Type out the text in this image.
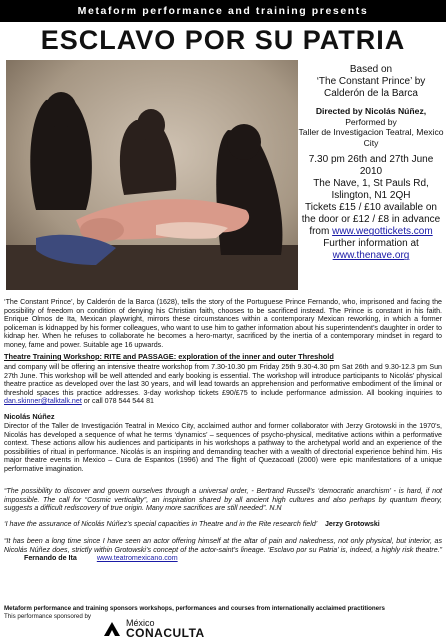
Metaform performance and training presents
ESCLAVO POR SU PATRIA

Based on
‘The Constant Prince’ by Calderón de la Barca

Directed by Nicolás Núñez,
Performed by
Taller de Investigacion Teatral, Mexico City

7.30 pm 26th and 27th June 2010
The Nave, 1, St Pauls Rd, Islington, N1 2QH
Tickets £15 / £10 available on the door or £12 / £8 in advance from www.wegottickets.com
Further information at www.thenave.org

‘The Constant Prince’, by Calderón de la Barca (1628), tells the story of the Portuguese Prince Fernando, who, imprisoned and facing the possibility of freedom on condition of denying his Christian faith, chooses to be sacrificed instead. The Prince is constant in his faith. Enrique Olmos de Ita, Mexican playwright, mirrors these circumstances within a contemporary Mexican reworking, in which a former policeman is kidnapped by his former colleagues, who want to use him to gather information about his superintendent’s daughter in order to kidnap her. When he refuses to collaborate he becomes a hero-martyr, sacrificed by the inertia of a contemporary mindset in regard to money, fame and power. Suitable age 16 upwards.

Theatre Training Workshop: RITE and PASSAGE: exploration of the inner and outer Threshold

and company will be offering an intensive theatre workshop from 7.30-10.30 pm Friday 25th 9.30-4.30 pm Sat 26th and 9.30-12.3 pm Sun 27th June. This workshop will be well attended and early booking is essential. The workshop will introduce participants to Nicolás’ physical theatre practice as developed over the last 30 years, and will lead towards an apprehension and performative embodiment of the liminal or threshold spaces this practice addresses. 3-day workshop tickets £90/£75 to include performance admission. All booking inquiries to dan.skinner@talktalk.net or call 078 544 544 81

Nicolás Núñez

Director of the Taller de Investigación Teatral in Mexico City, acclaimed author and former collaborator with Jerzy Grotowski in the 1970’s, Nicolás has developed a sequence of what he terms ‘dynamics’ – sequences of psycho-physical, meditative actions within a performative context. These actions allow his audiences and participants in his workshops a pathway to the archetypal world and an experience of the possibilities of ritual in performance. Nicolás is an inspiring and demanding teacher with a wealth of directorial experience behind him. His major theatre events in Mexico – Cura de Espantos (1996) and The flight of Quezacoatl (2000) were epic manifestations of a unique performative imagination.

“The possibility to discover and govern ourselves through a universal order, - Bertrand Russell’s ‘democratic anarchism’ - is hard, if not impossible. The call for “Cosmic verticality”, an inspiration shared by all ancient high cultures and also perhaps by quantum theory, suggests a difficult rediscovery of true origin. Many more sacrifices are still needed”. N.N

‘I have the assurance of Nicolás Núñez’s special capacities in Theatre and in the Rite research field’ Jerzy Grotowski

“It has been a long time since I have seen an actor offering himself at the altar of pain and nakedness, not only physical, but interior, as Nicolás Núñez does, strictly within Grotowski’s concept of the actor-saint’s lineage. ‘Esclavo por su Patria’ is, indeed, a highly risk theatre.” Fernando de Ita	www.teatromexicano.com

Metaform performance and training sponsors workshops, performances and courses from internationally acclaimed practitioners
This performance sponsored by
México
CONACULTA
